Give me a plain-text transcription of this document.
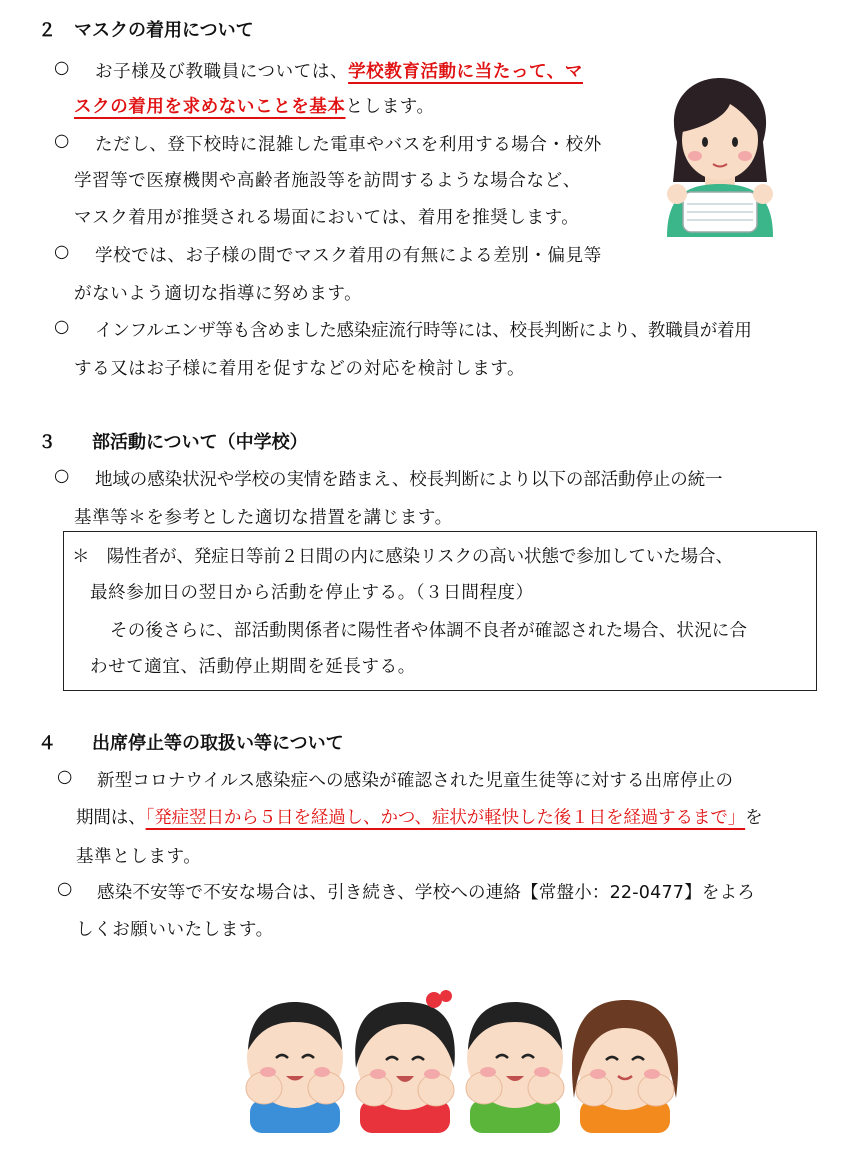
２　マスクの着用について
○ お子様及び教職員については、学校教育活動に当たって、マ
スクの着用を求めないことを基本とします。
○ ただし、登下校時に混雑した電車やバスを利用する場合・校外
学習等で医療機関や高齢者施設等を訪問するような場合など、
マスク着用が推奨される場面においては、着用を推奨します。
○ 学校では、お子様の間でマスク着用の有無による差別・偏見等
がないよう適切な指導に努めます。
○ インフルエンザ等も含めました感染症流行時等には、校長判断により、教職員が着用
する又はお子様に着用を促すなどの対応を検討します。
３　　部活動について（中学校）
○ 地域の感染状況や学校の実情を踏まえ、校長判断により以下の部活動停止の統一
基準等＊を参考とした適切な措置を講じます。
＊　陽性者が、発症日等前２日間の内に感染リスクの高い状態で参加していた場合、
最終参加日の翌日から活動を停止する。（３日間程度）
その後さらに、部活動関係者に陽性者や体調不良者が確認された場合、状況に合
わせて適宜、活動停止期間を延長する。
４　　出席停止等の取扱い等について
○ 新型コロナウイルス感染症への感染が確認された児童生徒等に対する出席停止の
期間は、「発症翌日から５日を経過し、かつ、症状が軽快した後１日を経過するまで」を
基準とします。
○ 感染不安等で不安な場合は、引き続き、学校への連絡【常盤小：22-0477】をよろ
しくお願いいたします。
